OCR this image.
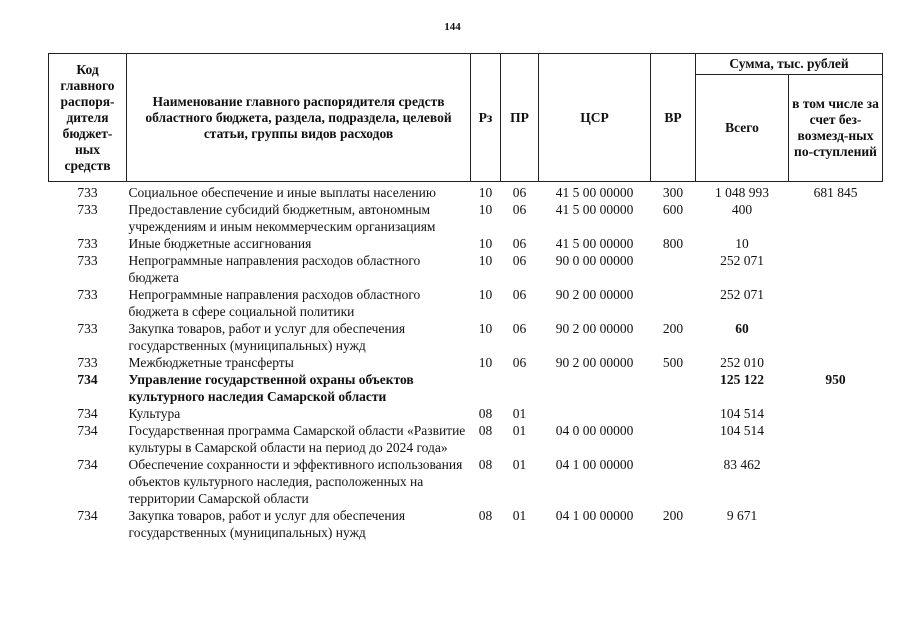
144
Код главного распоря-дителя бюджет-ных средств	Наименование главного распорядителя средств областного бюджета, раздела, подраздела, целевой статьи, группы видов расходов	Рз	ПР	ЦСР	ВР	Сумма, тыс. рублей	
						Всего	в том числе за счет без-возмезд-ных по-ступлений

733	Социальное обеспечение и иные выплаты населению	10	06	41 5 00 00000	300	1 048 993	681 845
733	Предоставление субсидий бюджетным, автономным учреждениям и иным некоммерческим организациям	10	06	41 5 00 00000	600	400	
733	Иные бюджетные ассигнования	10	06	41 5 00 00000	800	10	
733	Непрограммные направления расходов областного бюджета	10	06	90 0 00 00000		252 071	
733	Непрограммные направления расходов областного бюджета в сфере социальной политики	10	06	90 2 00 00000		252 071	
733	Закупка товаров, работ и услуг для обеспечения государственных (муниципальных) нужд	10	06	90 2 00 00000	200	60	
733	Межбюджетные трансферты	10	06	90 2 00 00000	500	252 010	
734	Управление государственной охраны объектов культурного наследия Самарской области					125 122	950
734	Культура	08	01			104 514	
734	Государственная программа Самарской области «Развитие культуры в Самарской области на период до 2024 года»	08	01	04 0 00 00000		104 514	
734	Обеспечение сохранности и эффективного использования объектов культурного наследия, расположенных на территории Самарской области	08	01	04 1 00 00000		83 462	
734	Закупка товаров, работ и услуг для обеспечения государственных (муниципальных) нужд	08	01	04 1 00 00000	200	9 671	
